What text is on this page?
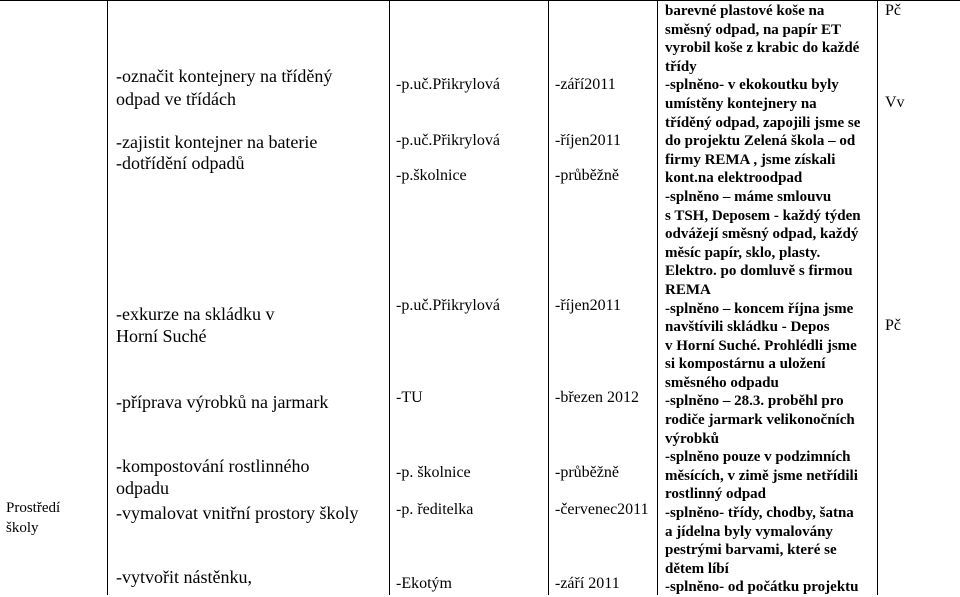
Prostředí
školy
-označit kontejnery na tříděný
odpad ve třídách
-zajistit kontejner na baterie
-dotřídění odpadů
-exkurze na skládku v
Horní Suché
-příprava výrobků na jarmark
-kompostování rostlinného
odpadu
-vymalovat vnitřní prostory školy
-vytvořit nástěnku,
-p.uč.Přikrylová
-p.uč.Přikrylová
-p.školnice
-p.uč.Přikrylová
-TU
-p. školnice
-p. ředitelka
-Ekotým
-září2011
-říjen2011
-průběžně
-říjen2011
-březen 2012
-průběžně
-červenec2011
-září 2011
barevné plastové koše na
směsný odpad, na papír ET
vyrobil koše z krabic do každé
třídy
-splněno- v ekokoutku byly
umístěny kontejnery na
tříděný odpad, zapojili jsme se
do projektu Zelená škola – od
firmy REMA , jsme získali
kont.na elektroodpad
-splněno – máme smlouvu
s TSH, Deposem - každý týden
odvážejí směsný odpad, každý
měsíc papír, sklo, plasty.
Elektro. po domluvě s firmou
REMA
-splněno – koncem října jsme
navštívili skládku - Depos
v Horní Suché. Prohlédli jsme
si kompostárnu a uložení
směsného odpadu
-splněno – 28.3. proběhl pro
rodiče jarmark velikonočních
výrobků
-splněno pouze v podzimních
měsících, v zimě jsme netřídili
rostlinný odpad
-splněno- třídy, chodby, šatna
a jídelna byly vymalovány
pestrými barvami, které se
dětem líbí
-splněno- od počátku projektu
Pč
Vv
Pč
